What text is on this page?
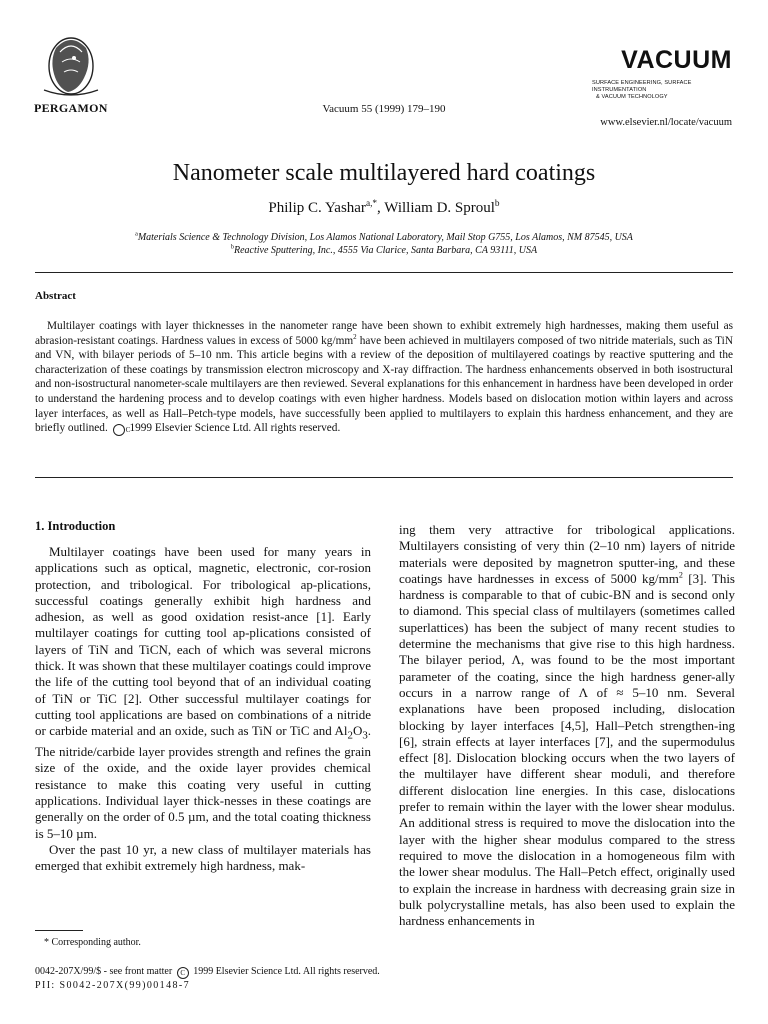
PERGAMON	Vacuum 55 (1999) 179–190
VACUUM
SURFACE ENGINEERING, SURFACE INSTRUMENTATION
& VACUUM TECHNOLOGY
www.elsevier.nl/locate/vacuum
Nanometer scale multilayered hard coatings
Philip C. Yashar$^{a,*}$, William D. Sproul$^b$
$^a$Materials Science & Technology Division, Los Alamos National Laboratory, Mail Stop G755, Los Alamos, NM 87545, USA
$^b$Reactive Sputtering, Inc., 4555 Via Clarice, Santa Barbara, CA 93111, USA
Abstract

Multilayer coatings with layer thicknesses in the nanometer range have been shown to exhibit extremely high hardnesses, making them useful as abrasion-resistant coatings. Hardness values in excess of 5000 $kg/mm^2$ have been achieved in multilayers composed of two nitride materials, such as TiN and VN, with bilayer periods of 5–10 nm. This article begins with a review of the deposition of multilayered coatings by reactive sputtering and the characterization of these coatings by transmission electron microscopy and X-ray diffraction. The hardness enhancements observed in both isostructural and non-isostructural nanometer-scale multilayers are then reviewed. Several explanations for this enhancement in hardness have been developed in order to understand the hardening process and to develop coatings with even higher hardness. Models based on dislocation motion within layers and across layer interfaces, as well as Hall–Petch-type models, have successfully been applied to multilayers to explain this hardness enhancement, and they are briefly outlined.	C 1999 Elsevier Science Ltd. All rights reserved.

1. Introduction

Multilayer coatings have been used for many years in applications such as optical, magnetic, electronic, cor-rosion protection, and tribological. For tribological ap-plications, successful coatings generally exhibit high hardness and adhesion, as well as good oxidation resist-ance [1]. Early multilayer coatings for cutting tool ap-plications consisted of layers of TiN and TiCN, each of which was several microns thick. It was shown that these multilayer coatings could improve the life of the cutting tool beyond that of an individual coating of TiN or TiC [2]. Other successful multilayer coatings for cutting tool applications are based on combinations of a nitride or carbide material and an oxide, such as TiN or TiC and $Al_2O_3$. The nitride/carbide layer provides strength and refines the grain size of the oxide, and the oxide layer provides chemical resistance to make this coating very useful in cutting applications. Individual layer thick-nesses in these coatings are generally on the order of 0.5 µm, and the total coating thickness is 5–10 µm.

Over the past 10 yr, a new class of multilayer materials has emerged that exhibit extremely high hardness, mak-

ing them very attractive for tribological applications. Multilayers consisting of very thin (2–10 nm) layers of nitride materials were deposited by magnetron sputter-ing, and these coatings have hardnesses in excess of 5000 $kg/mm^2$ [3]. This hardness is comparable to that of cubic-BN and is second only to diamond. This special class of multilayers (sometimes called superlattices) has been the subject of many recent studies to determine the mechanisms that give rise to this high hardness. The bilayer period, Λ, was found to be the most important parameter of the coating, since the high hardness gener-ally occurs in a narrow range of Λ of ≈ 5–10 nm. Several explanations have been proposed including, dislocation blocking by layer interfaces [4,5], Hall–Petch strengthen-ing [6], strain effects at layer interfaces [7], and the supermodulus effect [8]. Dislocation blocking occurs when the two layers of the multilayer have different shear moduli, and therefore different dislocation line energies. In this case, dislocations prefer to remain within the layer with the lower shear modulus. An additional stress is required to move the dislocation into the layer with the higher shear modulus compared to the stress required to move the dislocation in a homogeneous film with the lower shear modulus. The Hall–Petch effect, originally used to explain the increase in hardness with decreasing grain size in bulk polycrystalline metals, has also been used to explain the hardness enhancements in

* Corresponding author.
0042-207X/99/$ - see front matter C 1999 Elsevier Science Ltd. All rights reserved.
PII: S0042-207X(99)00148-7
